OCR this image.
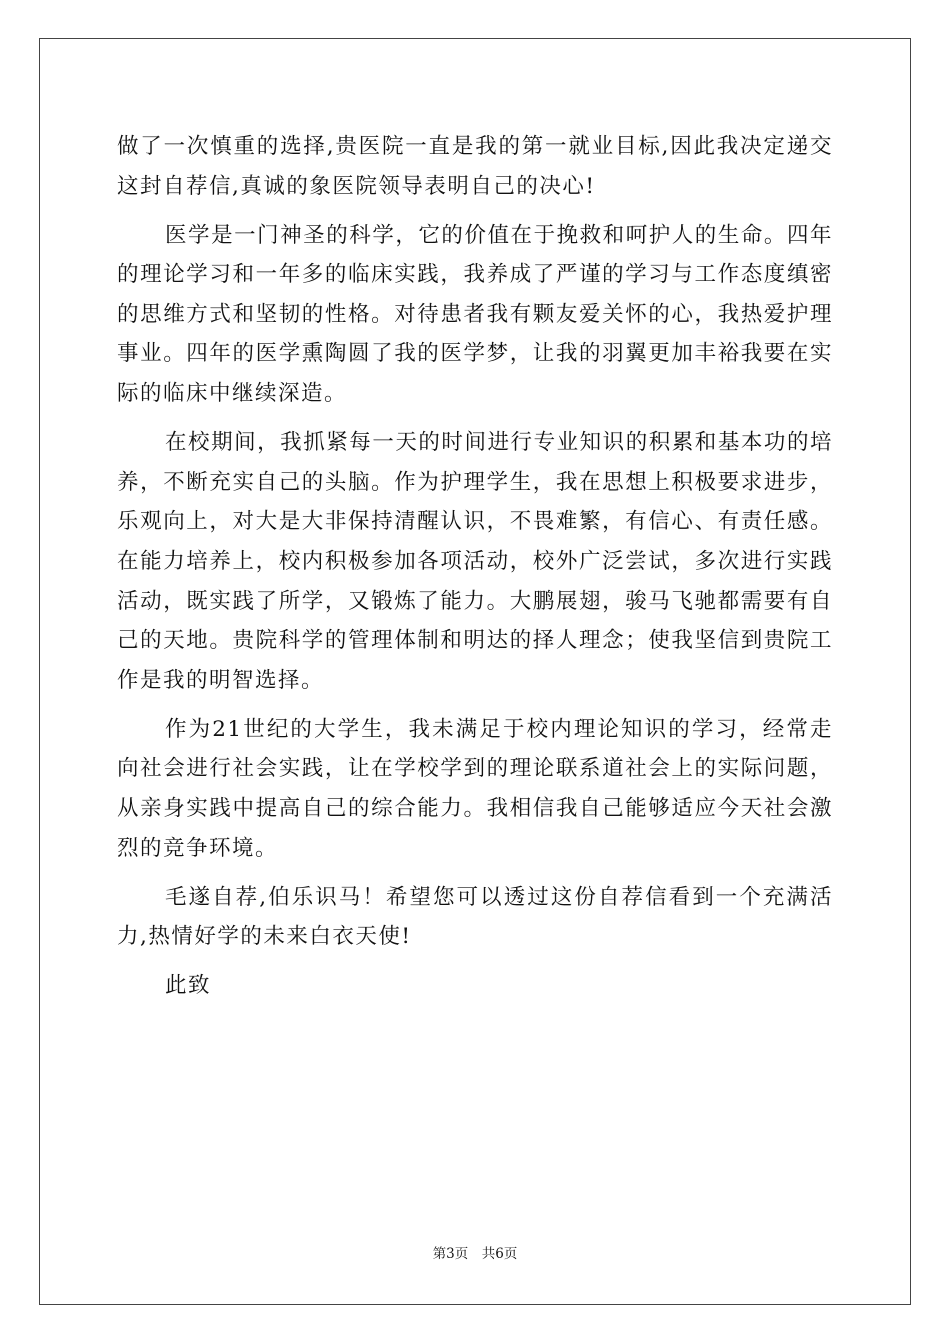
做了一次慎重的选择,贵医院一直是我的第一就业目标,因此我决定递交这封自荐信,真诚的象医院领导表明自己的决心!

医学是一门神圣的科学，它的价值在于挽救和呵护人的生命。四年的理论学习和一年多的临床实践，我养成了严谨的学习与工作态度缜密的思维方式和坚韧的性格。对待患者我有颗友爱关怀的心，我热爱护理事业。四年的医学熏陶圆了我的医学梦，让我的羽翼更加丰裕我要在实际的临床中继续深造。

在校期间，我抓紧每一天的时间进行专业知识的积累和基本功的培养，不断充实自己的头脑。作为护理学生，我在思想上积极要求进步，乐观向上，对大是大非保持清醒认识，不畏难繁，有信心、有责任感。在能力培养上，校内积极参加各项活动，校外广泛尝试，多次进行实践活动，既实践了所学，又锻炼了能力。大鹏展翅，骏马飞驰都需要有自己的天地。贵院科学的管理体制和明达的择人理念；使我坚信到贵院工作是我的明智选择。

作为21世纪的大学生，我未满足于校内理论知识的学习，经常走向社会进行社会实践，让在学校学到的理论联系道社会上的实际问题，从亲身实践中提高自己的综合能力。我相信我自己能够适应今天社会激烈的竞争环境。

毛遂自荐,伯乐识马！希望您可以透过这份自荐信看到一个充满活力,热情好学的未来白衣天使!

此致

第3页　共6页
